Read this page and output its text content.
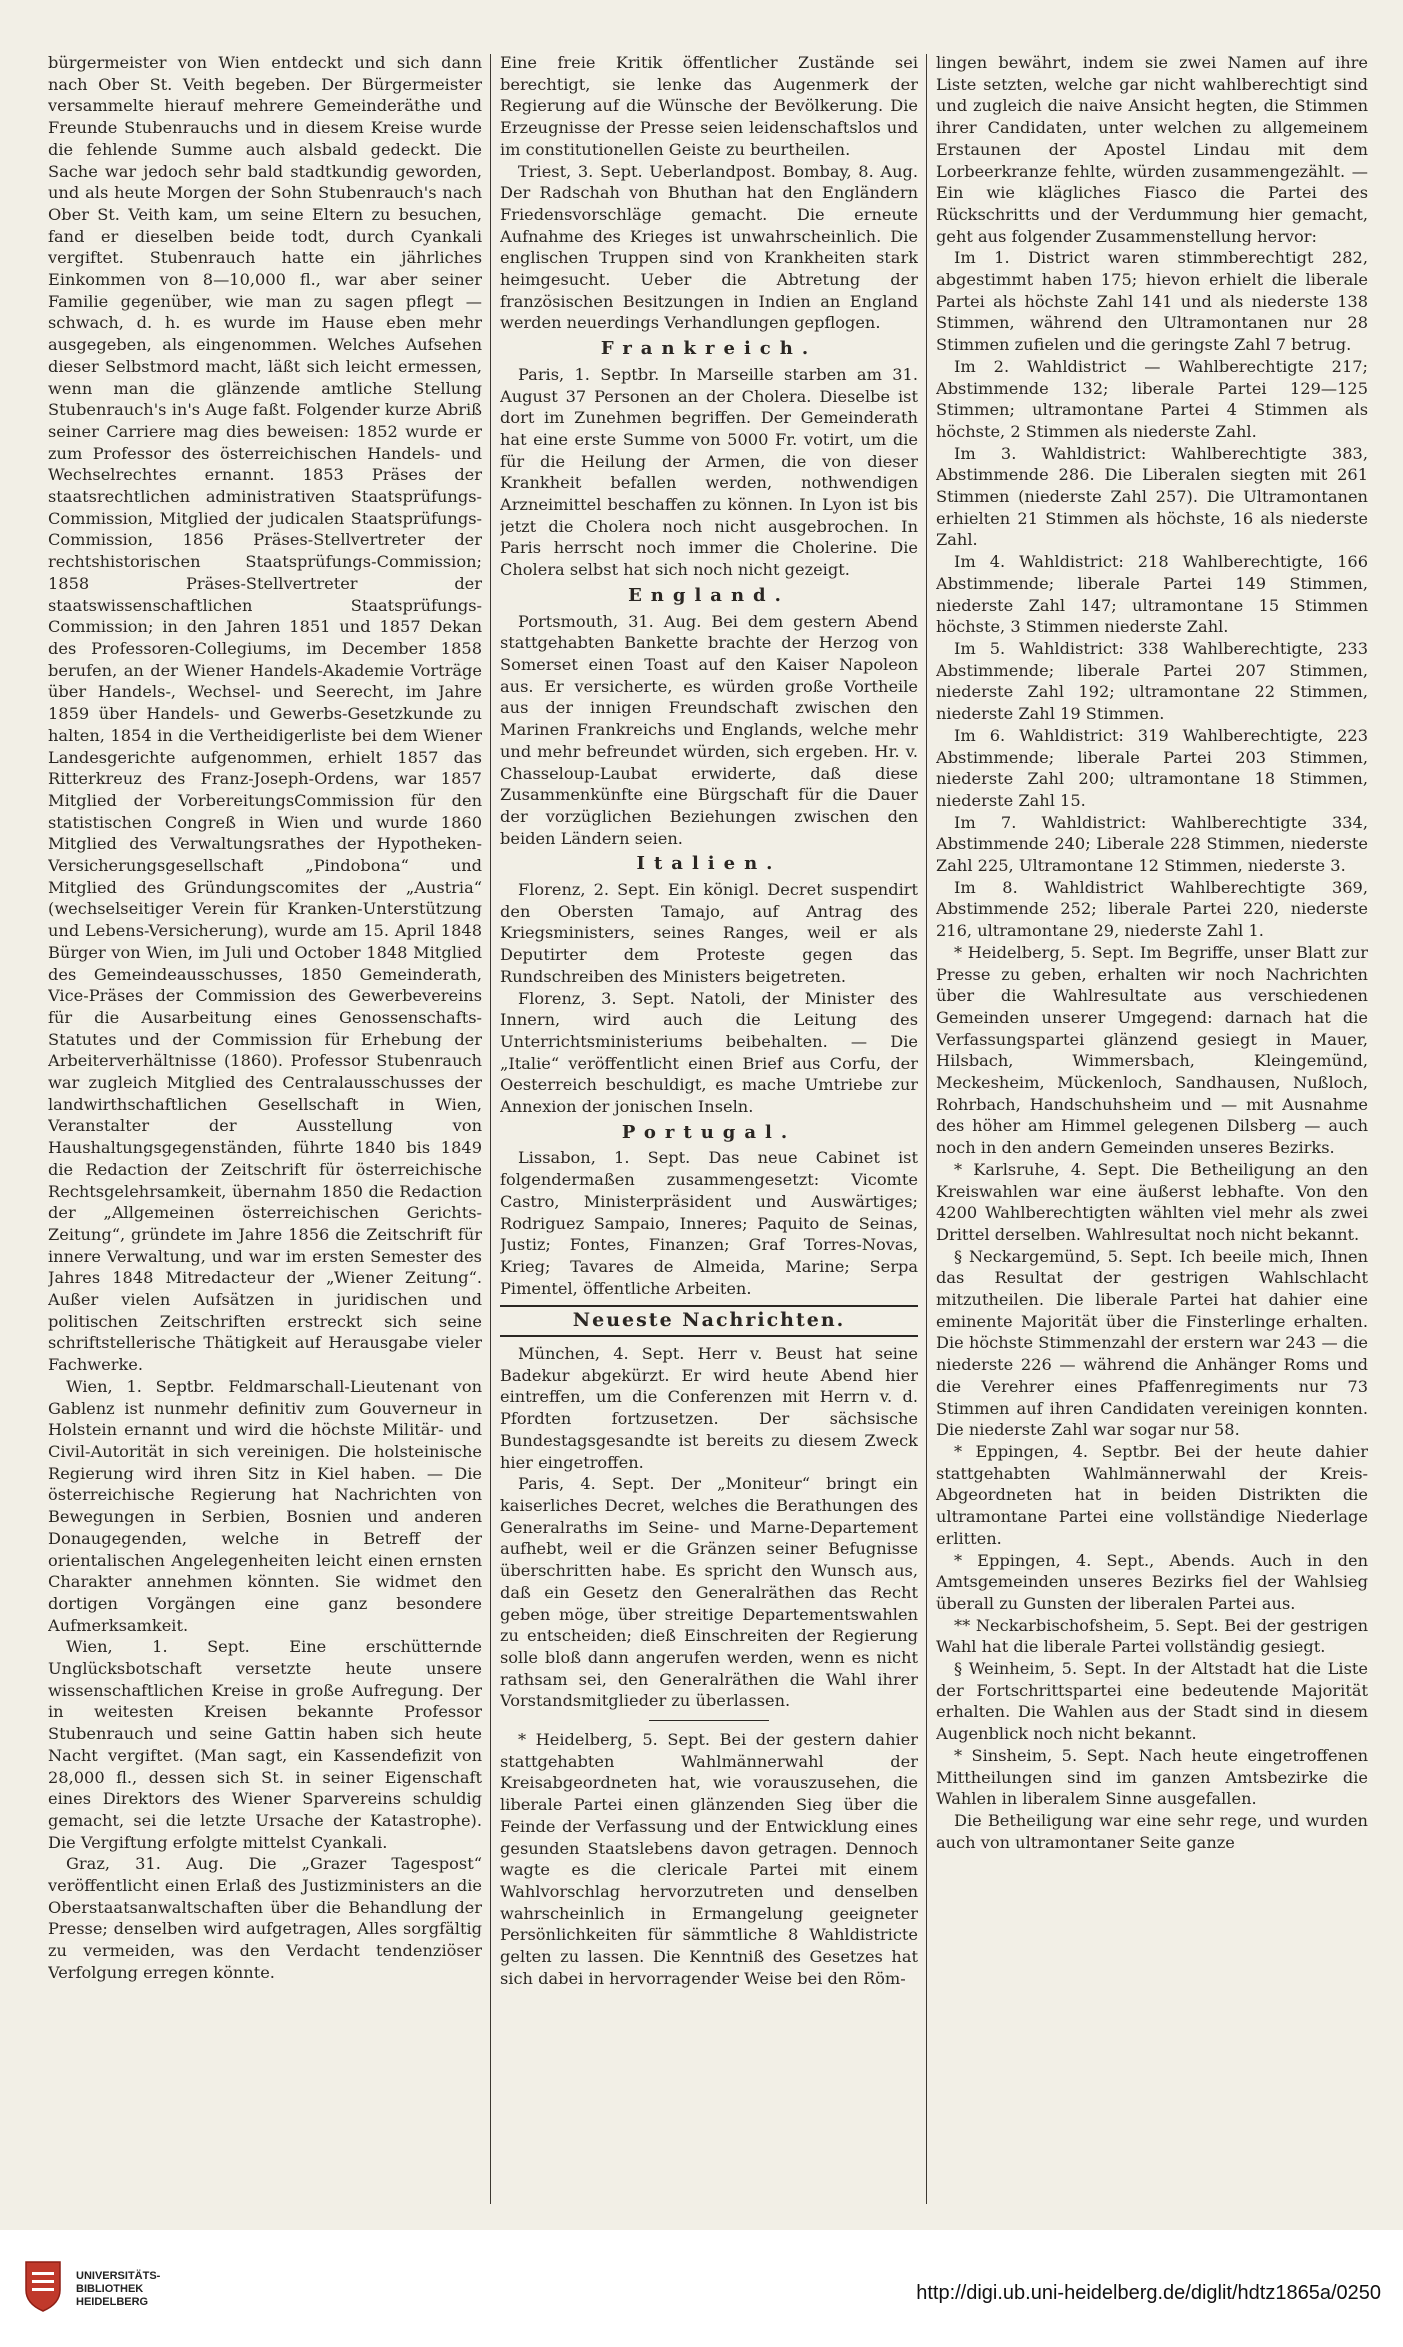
bürgermeister von Wien entdeckt und sich dann nach Ober St. Veith begeben. Der Bürgermeister versammelte hierauf mehrere Gemeinderäthe und Freunde Stubenrauchs und in diesem Kreise wurde die fehlende Summe auch alsbald gedeckt. Die Sache war jedoch sehr bald stadtkundig geworden, und als heute Morgen der Sohn Stubenrauch's nach Ober St. Veith kam, um seine Eltern zu besuchen, fand er dieselben beide todt, durch Cyankali vergiftet. Stubenrauch hatte ein jährliches Einkommen von 8—10,000 fl., war aber seiner Familie gegenüber, wie man zu sagen pflegt — schwach, d. h. es wurde im Hause eben mehr ausgegeben, als eingenommen. Welches Aufsehen dieser Selbstmord macht, läßt sich leicht ermessen, wenn man die glänzende amtliche Stellung Stubenrauch's in's Auge faßt. Folgender kurze Abriß seiner Carriere mag dies beweisen: 1852 wurde er zum Professor des österreichischen Handels- und Wechselrechtes ernannt. 1853 Präses der staatsrechtlichen administrativen Staatsprüfungs-Commission, Mitglied der judicalen Staatsprüfungs-Commission, 1856 Präses-Stellvertreter der rechtshistorischen Staatsprüfungs-Commission; 1858 Präses-Stellvertreter der staatswissenschaftlichen Staatsprüfungs-Commission; in den Jahren 1851 und 1857 Dekan des Professoren-Collegiums, im December 1858 berufen, an der Wiener Handels-Akademie Vorträge über Handels-, Wechsel- und Seerecht, im Jahre 1859 über Handels- und Gewerbs-Gesetzkunde zu halten, 1854 in die Vertheidigerliste bei dem Wiener Landesgerichte aufgenommen, erhielt 1857 das Ritterkreuz des Franz-Joseph-Ordens, war 1857 Mitglied der VorbereitungsCommission für den statistischen Congreß in Wien und wurde 1860 Mitglied des Verwaltungsrathes der Hypotheken-Versicherungsgesellschaft „Pindobona“ und Mitglied des Gründungscomites der „Austria“ (wechselseitiger Verein für Kranken-Unterstützung und Lebens-Versicherung), wurde am 15. April 1848 Bürger von Wien, im Juli und October 1848 Mitglied des Gemeindeausschusses, 1850 Gemeinderath, Vice-Präses der Commission des Gewerbevereins für die Ausarbeitung eines Genossenschafts-Statutes und der Commission für Erhebung der Arbeiterverhältnisse (1860). Professor Stubenrauch war zugleich Mitglied des Centralausschusses der landwirthschaftlichen Gesellschaft in Wien, Veranstalter der Ausstellung von Haushaltungsgegenständen, führte 1840 bis 1849 die Redaction der Zeitschrift für österreichische Rechtsgelehrsamkeit, übernahm 1850 die Redaction der „Allgemeinen österreichischen Gerichts-Zeitung“, gründete im Jahre 1856 die Zeitschrift für innere Verwaltung, und war im ersten Semester des Jahres 1848 Mitredacteur der „Wiener Zeitung“. Außer vielen Aufsätzen in juridischen und politischen Zeitschriften erstreckt sich seine schriftstellerische Thätigkeit auf Herausgabe vieler Fachwerke.

Wien, 1. Septbr. Feldmarschall-Lieutenant von Gablenz ist nunmehr definitiv zum Gouverneur in Holstein ernannt und wird die höchste Militär- und Civil-Autorität in sich vereinigen. Die holsteinische Regierung wird ihren Sitz in Kiel haben. — Die österreichische Regierung hat Nachrichten von Bewegungen in Serbien, Bosnien und anderen Donaugegenden, welche in Betreff der orientalischen Angelegenheiten leicht einen ernsten Charakter annehmen könnten. Sie widmet den dortigen Vorgängen eine ganz besondere Aufmerksamkeit.

Wien, 1. Sept. Eine erschütternde Unglücksbotschaft versetzte heute unsere wissenschaftlichen Kreise in große Aufregung. Der in weitesten Kreisen bekannte Professor Stubenrauch und seine Gattin haben sich heute Nacht vergiftet. (Man sagt, ein Kassendefizit von 28,000 fl., dessen sich St. in seiner Eigenschaft eines Direktors des Wiener Sparvereins schuldig gemacht, sei die letzte Ursache der Katastrophe). Die Vergiftung erfolgte mittelst Cyankali.

Graz, 31. Aug. Die „Grazer Tagespost“ veröffentlicht einen Erlaß des Justizministers an die Oberstaatsanwaltschaften über die Behandlung der Presse; denselben wird aufgetragen, Alles sorgfältig zu vermeiden, was den Verdacht tendenziöser Verfolgung erregen könnte.

Eine freie Kritik öffentlicher Zustände sei berechtigt, sie lenke das Augenmerk der Regierung auf die Wünsche der Bevölkerung. Die Erzeugnisse der Presse seien leidenschaftslos und im constitutionellen Geiste zu beurtheilen.

Triest, 3. Sept. Ueberlandpost. Bombay, 8. Aug. Der Radschah von Bhuthan hat den Engländern Friedensvorschläge gemacht. Die erneute Aufnahme des Krieges ist unwahrscheinlich. Die englischen Truppen sind von Krankheiten stark heimgesucht. Ueber die Abtretung der französischen Besitzungen in Indien an England werden neuerdings Verhandlungen gepflogen.

Frankreich.

Paris, 1. Septbr. In Marseille starben am 31. August 37 Personen an der Cholera. Dieselbe ist dort im Zunehmen begriffen. Der Gemeinderath hat eine erste Summe von 5000 Fr. votirt, um die für die Heilung der Armen, die von dieser Krankheit befallen werden, nothwendigen Arzneimittel beschaffen zu können. In Lyon ist bis jetzt die Cholera noch nicht ausgebrochen. In Paris herrscht noch immer die Cholerine. Die Cholera selbst hat sich noch nicht gezeigt.

England.

Portsmouth, 31. Aug. Bei dem gestern Abend stattgehabten Bankette brachte der Herzog von Somerset einen Toast auf den Kaiser Napoleon aus. Er versicherte, es würden große Vortheile aus der innigen Freundschaft zwischen den Marinen Frankreichs und Englands, welche mehr und mehr befreundet würden, sich ergeben. Hr. v. Chasseloup-Laubat erwiderte, daß diese Zusammenkünfte eine Bürgschaft für die Dauer der vorzüglichen Beziehungen zwischen den beiden Ländern seien.

Italien.

Florenz, 2. Sept. Ein königl. Decret suspendirt den Obersten Tamajo, auf Antrag des Kriegsministers, seines Ranges, weil er als Deputirter dem Proteste gegen das Rundschreiben des Ministers beigetreten.

Florenz, 3. Sept. Natoli, der Minister des Innern, wird auch die Leitung des Unterrichtsministeriums beibehalten. — Die „Italie“ veröffentlicht einen Brief aus Corfu, der Oesterreich beschuldigt, es mache Umtriebe zur Annexion der jonischen Inseln.

Portugal.

Lissabon, 1. Sept. Das neue Cabinet ist folgendermaßen zusammengesetzt: Vicomte Castro, Ministerpräsident und Auswärtiges; Rodriguez Sampaio, Inneres; Paquito de Seinas, Justiz; Fontes, Finanzen; Graf Torres-Novas, Krieg; Tavares de Almeida, Marine; Serpa Pimentel, öffentliche Arbeiten.

Neueste Nachrichten.

München, 4. Sept. Herr v. Beust hat seine Badekur abgekürzt. Er wird heute Abend hier eintreffen, um die Conferenzen mit Herrn v. d. Pfordten fortzusetzen. Der sächsische Bundestagsgesandte ist bereits zu diesem Zweck hier eingetroffen.

Paris, 4. Sept. Der „Moniteur“ bringt ein kaiserliches Decret, welches die Berathungen des Generalraths im Seine- und Marne-Departement aufhebt, weil er die Gränzen seiner Befugnisse überschritten habe. Es spricht den Wunsch aus, daß ein Gesetz den Generalräthen das Recht geben möge, über streitige Departementswahlen zu entscheiden; dieß Einschreiten der Regierung solle bloß dann angerufen werden, wenn es nicht rathsam sei, den Generalräthen die Wahl ihrer Vorstandsmitglieder zu überlassen.

* Heidelberg, 5. Sept. Bei der gestern dahier stattgehabten Wahlmännerwahl der Kreisabgeordneten hat, wie vorauszusehen, die liberale Partei einen glänzenden Sieg über die Feinde der Verfassung und der Entwicklung eines gesunden Staatslebens davon getragen. Dennoch wagte es die clericale Partei mit einem Wahlvorschlag hervorzutreten und denselben wahrscheinlich in Ermangelung geeigneter Persönlichkeiten für sämmtliche 8 Wahldistricte gelten zu lassen. Die Kenntniß des Gesetzes hat sich dabei in hervorragender Weise bei den Röm-

lingen bewährt, indem sie zwei Namen auf ihre Liste setzten, welche gar nicht wahlberechtigt sind und zugleich die naive Ansicht hegten, die Stimmen ihrer Candidaten, unter welchen zu allgemeinem Erstaunen der Apostel Lindau mit dem Lorbeerkranze fehlte, würden zusammengezählt. — Ein wie klägliches Fiasco die Partei des Rückschritts und der Verdummung hier gemacht, geht aus folgender Zusammenstellung hervor:

Im 1. District waren stimmberechtigt 282, abgestimmt haben 175; hievon erhielt die liberale Partei als höchste Zahl 141 und als niederste 138 Stimmen, während den Ultramontanen nur 28 Stimmen zufielen und die geringste Zahl 7 betrug.

Im 2. Wahldistrict — Wahlberechtigte 217; Abstimmende 132; liberale Partei 129—125 Stimmen; ultramontane Partei 4 Stimmen als höchste, 2 Stimmen als niederste Zahl.

Im 3. Wahldistrict: Wahlberechtigte 383, Abstimmende 286. Die Liberalen siegten mit 261 Stimmen (niederste Zahl 257). Die Ultramontanen erhielten 21 Stimmen als höchste, 16 als niederste Zahl.

Im 4. Wahldistrict: 218 Wahlberechtigte, 166 Abstimmende; liberale Partei 149 Stimmen, niederste Zahl 147; ultramontane 15 Stimmen höchste, 3 Stimmen niederste Zahl.

Im 5. Wahldistrict: 338 Wahlberechtigte, 233 Abstimmende; liberale Partei 207 Stimmen, niederste Zahl 192; ultramontane 22 Stimmen, niederste Zahl 19 Stimmen.

Im 6. Wahldistrict: 319 Wahlberechtigte, 223 Abstimmende; liberale Partei 203 Stimmen, niederste Zahl 200; ultramontane 18 Stimmen, niederste Zahl 15.

Im 7. Wahldistrict: Wahlberechtigte 334, Abstimmende 240; Liberale 228 Stimmen, niederste Zahl 225, Ultramontane 12 Stimmen, niederste 3.

Im 8. Wahldistrict Wahlberechtigte 369, Abstimmende 252; liberale Partei 220, niederste 216, ultramontane 29, niederste Zahl 1.

* Heidelberg, 5. Sept. Im Begriffe, unser Blatt zur Presse zu geben, erhalten wir noch Nachrichten über die Wahlresultate aus verschiedenen Gemeinden unserer Umgegend: darnach hat die Verfassungspartei glänzend gesiegt in Mauer, Hilsbach, Wimmersbach, Kleingemünd, Meckesheim, Mückenloch, Sandhausen, Nußloch, Rohrbach, Handschuhsheim und — mit Ausnahme des höher am Himmel gelegenen Dilsberg — auch noch in den andern Gemeinden unseres Bezirks.

* Karlsruhe, 4. Sept. Die Betheiligung an den Kreiswahlen war eine äußerst lebhafte. Von den 4200 Wahlberechtigten wählten viel mehr als zwei Drittel derselben. Wahlresultat noch nicht bekannt.

§ Neckargemünd, 5. Sept. Ich beeile mich, Ihnen das Resultat der gestrigen Wahlschlacht mitzutheilen. Die liberale Partei hat dahier eine eminente Majorität über die Finsterlinge erhalten. Die höchste Stimmenzahl der erstern war 243 — die niederste 226 — während die Anhänger Roms und die Verehrer eines Pfaffenregiments nur 73 Stimmen auf ihren Candidaten vereinigen konnten. Die niederste Zahl war sogar nur 58.

* Eppingen, 4. Septbr. Bei der heute dahier stattgehabten Wahlmännerwahl der Kreis-Abgeordneten hat in beiden Distrikten die ultramontane Partei eine vollständige Niederlage erlitten.

* Eppingen, 4. Sept., Abends. Auch in den Amtsgemeinden unseres Bezirks fiel der Wahlsieg überall zu Gunsten der liberalen Partei aus.

** Neckarbischofsheim, 5. Sept. Bei der gestrigen Wahl hat die liberale Partei vollständig gesiegt.

§ Weinheim, 5. Sept. In der Altstadt hat die Liste der Fortschrittspartei eine bedeutende Majorität erhalten. Die Wahlen aus der Stadt sind in diesem Augenblick noch nicht bekannt.

* Sinsheim, 5. Sept. Nach heute eingetroffenen Mittheilungen sind im ganzen Amtsbezirke die Wahlen in liberalem Sinne ausgefallen.

Die Betheiligung war eine sehr rege, und wurden auch von ultramontaner Seite ganze

UNIVERSITÄTS-
BIBLIOTHEK
HEIDELBERG	http://digi.ub.uni-heidelberg.de/diglit/hdtz1865a/0250
